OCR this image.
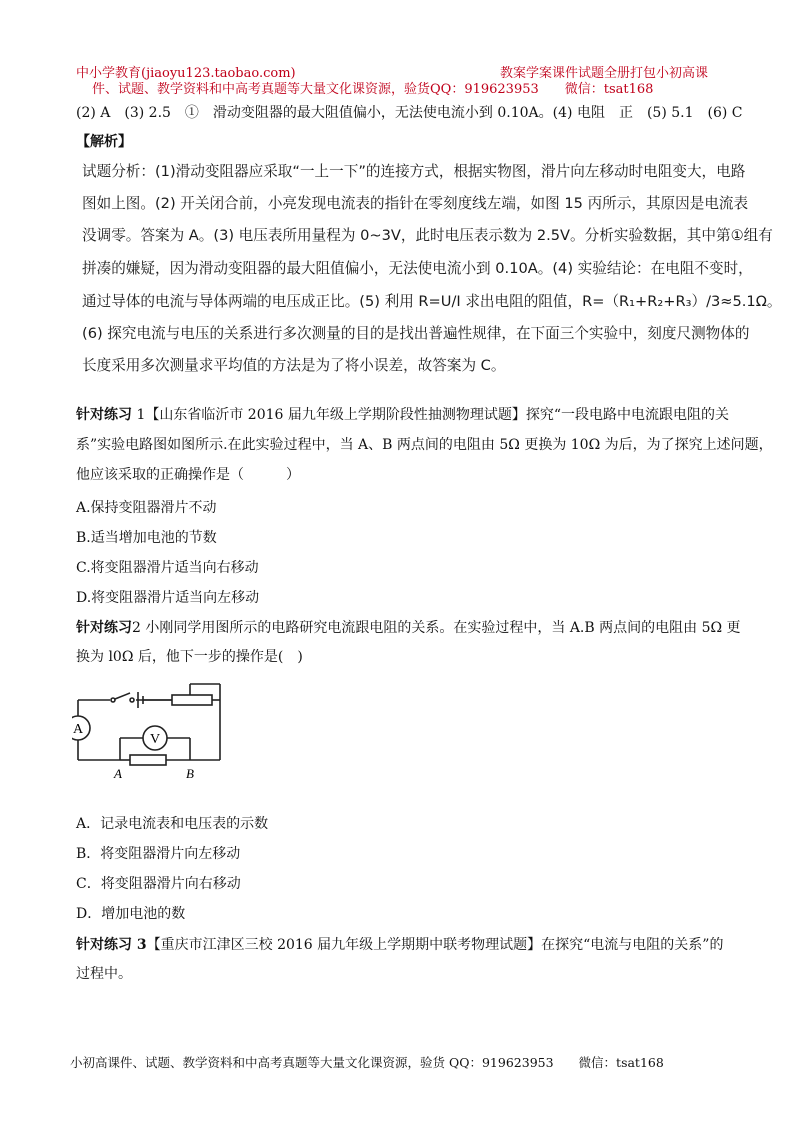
中小学教育(jiaoyu123.taobao.com)	教案学案课件试题全册打包小初高课
件、试题、教学资料和中高考真题等大量文化课资源，验货QQ：919623953　　微信：tsat168
(2) A　(3) 2.5　①　滑动变阻器的最大阻值偏小，无法使电流小到 0.10A。(4) 电阻　正　(5) 5.1　(6) C
【解析】
试题分析：(1)滑动变阻器应采取“一上一下”的连接方式，根据实物图，滑片向左移动时电阻变大，电路
图如上图。(2) 开关闭合前，小亮发现电流表的指针在零刻度线左端，如图 15 丙所示，其原因是电流表
没调零。答案为 A。(3) 电压表所用量程为 0~3V，此时电压表示数为 2.5V。分析实验数据，其中第①组有
拼凑的嫌疑，因为滑动变阻器的最大阻值偏小，无法使电流小到 0.10A。(4) 实验结论：在电阻不变时，
通过导体的电流与导体两端的电压成正比。(5) 利用 R=U/I 求出电阻的阻值，R=（R₁+R₂+R₃）/3≈5.1Ω。
(6) 探究电流与电压的关系进行多次测量的目的是找出普遍性规律，在下面三个实验中，刻度尺测物体的
长度采用多次测量求平均值的方法是为了将小误差，故答案为 C。
针对练习 1【山东省临沂市 2016 届九年级上学期阶段性抽测物理试题】探究“一段电路中电流跟电阻的关
系”实验电路图如图所示.在此实验过程中，当 A、B 两点间的电阻由 5Ω 更换为 10Ω 为后，为了探究上述问题，
他应该采取的正确操作是（　　　）
A.保持变阻器滑片不动
B.适当增加电池的节数
C.将变阻器滑片适当向右移动
D.将变阻器滑片适当向左移动
针对练习2 小刚同学用图所示的电路研究电流跟电阻的关系。在实验过程中，当 A.B 两点间的电阻由 5Ω 更
换为 l0Ω 后，他下一步的操作是(　)
A
V
A	B
A．记录电流表和电压表的示数
B．将变阻器滑片向左移动
C．将变阻器滑片向右移动
D．增加电池的数
针对练习 3【重庆市江津区三校 2016 届九年级上学期期中联考物理试题】在探究“电流与电阻的关系”的
过程中。
小初高课件、试题、教学资料和中高考真题等大量文化课资源，验货 QQ：919623953　　微信：tsat168
